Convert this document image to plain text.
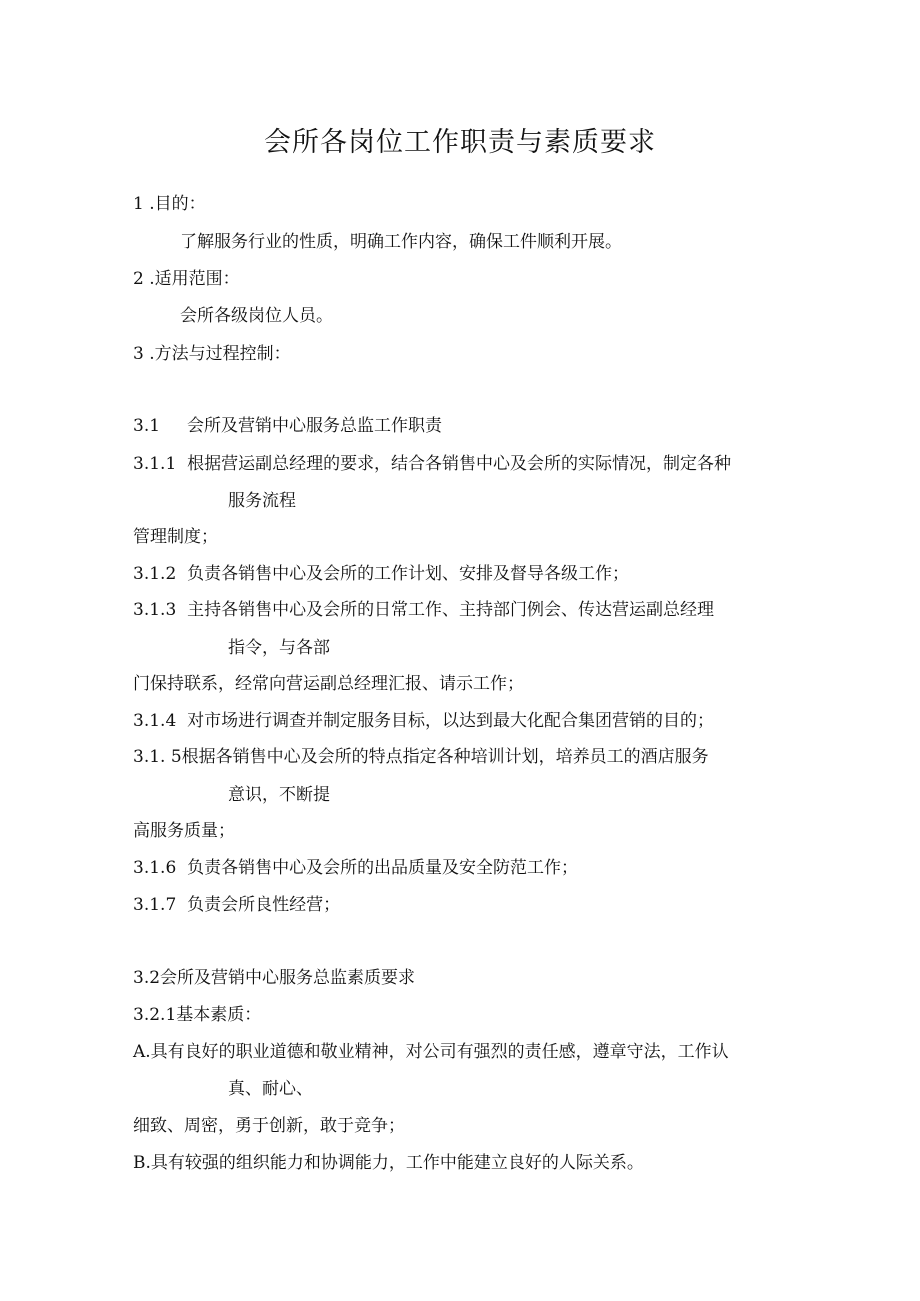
会所各岗位工作职责与素质要求
1 .目的：
了解服务行业的性质，明确工作内容，确保工件顺利开展。
2 .适用范围：
会所各级岗位人员。
3 .方法与过程控制：
3.1     会所及营销中心服务总监工作职责
3.1.1  根据营运副总经理的要求，结合各销售中心及会所的实际情况，制定各种
服务流程
管理制度；
3.1.2  负责各销售中心及会所的工作计划、安排及督导各级工作；
3.1.3  主持各销售中心及会所的日常工作、主持部门例会、传达营运副总经理
指令，与各部
门保持联系，经常向营运副总经理汇报、请示工作；
3.1.4  对市场进行调查并制定服务目标，以达到最大化配合集团营销的目的；
3.1. 5根据各销售中心及会所的特点指定各种培训计划，培养员工的酒店服务
意识，不断提
高服务质量；
3.1.6  负责各销售中心及会所的出品质量及安全防范工作；
3.1.7  负责会所良性经营；
3.2会所及营销中心服务总监素质要求
3.2.1基本素质：
A.具有良好的职业道德和敬业精神，对公司有强烈的责任感，遵章守法，工作认
真、耐心、
细致、周密，勇于创新，敢于竞争；
B.具有较强的组织能力和协调能力，工作中能建立良好的人际关系。
